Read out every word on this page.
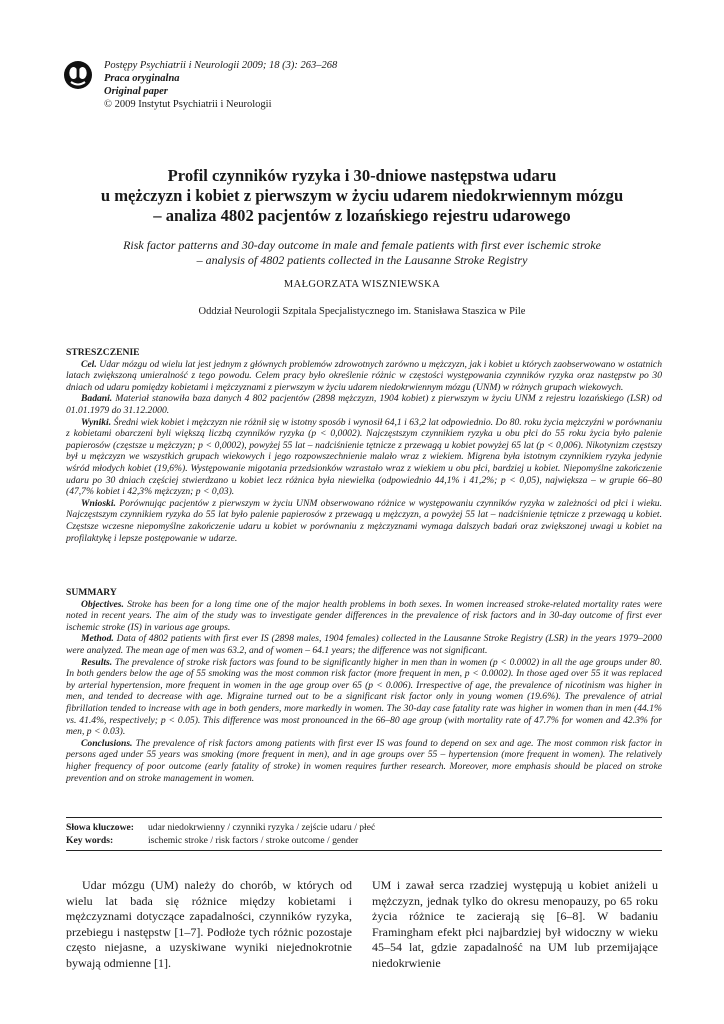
Postępy Psychiatrii i Neurologii 2009; 18 (3): 263–268
Praca oryginalna
Original paper
© 2009 Instytut Psychiatrii i Neurologii
Profil czynników ryzyka i 30-dniowe następstwa udaru
u mężczyzn i kobiet z pierwszym w życiu udarem niedokrwiennym mózgu
– analiza 4802 pacjentów z lozańskiego rejestru udarowego
Risk factor patterns and 30-day outcome in male and female patients with first ever ischemic stroke
– analysis of 4802 patients collected in the Lausanne Stroke Registry
MAŁGORZATA WISZNIEWSKA
Oddział Neurologii Szpitala Specjalistycznego im. Stanisława Staszica w Pile
STRESZCZENIE

Cel. Udar mózgu od wielu lat jest jednym z głównych problemów zdrowotnych zarówno u mężczyzn, jak i kobiet u których zaobserwowano w ostatnich latach zwiększoną umieralność z tego powodu. Celem pracy było określenie różnic w częstości występowania czynników ryzyka oraz następstw po 30 dniach od udaru pomiędzy kobietami i mężczyznami z pierwszym w życiu udarem niedokrwiennym mózgu (UNM) w różnych grupach wiekowych.

Badani. Materiał stanowiła baza danych 4 802 pacjentów (2898 mężczyzn, 1904 kobiet) z pierwszym w życiu UNM z rejestru lozańskiego (LSR) od 01.01.1979 do 31.12.2000.

Wyniki. Średni wiek kobiet i mężczyzn nie różnił się w istotny sposób i wynosił 64,1 i 63,2 lat odpowiednio. Do 80. roku życia mężczyźni w porównaniu z kobietami obarczeni byli większą liczbą czynników ryzyka (p < 0,0002). Najczęstszym czynnikiem ryzyka u obu płci do 55 roku życia było palenie papierosów (częstsze u mężczyzn; p < 0,0002), powyżej 55 lat – nadciśnienie tętnicze z przewagą u kobiet powyżej 65 lat (p < 0,006). Nikotynizm częstszy był u mężczyzn we wszystkich grupach wiekowych i jego rozpowszechnienie malało wraz z wiekiem. Migrena była istotnym czynnikiem ryzyka jedynie wśród młodych kobiet (19,6%). Występowanie migotania przedsionków wzrastało wraz z wiekiem u obu płci, bardziej u kobiet. Niepomyślne zakończenie udaru po 30 dniach częściej stwierdzano u kobiet lecz różnica była niewielka (odpowiednio 44,1% i 41,2%; p < 0,05), największa – w grupie 66–80 (47,7% kobiet i 42,3% mężczyzn; p < 0,03).

Wnioski. Porównując pacjentów z pierwszym w życiu UNM obserwowano różnice w występowaniu czynników ryzyka w zależności od płci i wieku. Najczęstszym czynnikiem ryzyka do 55 lat było palenie papierosów z przewagą u mężczyzn, a powyżej 55 lat – nadciśnienie tętnicze z przewagą u kobiet. Częstsze wczesne niepomyślne zakończenie udaru u kobiet w porównaniu z mężczyznami wymaga dalszych badań oraz zwiększonej uwagi u kobiet na profilaktykę i lepsze postępowanie w udarze.

SUMMARY

Objectives. Stroke has been for a long time one of the major health problems in both sexes. In women increased stroke-related mortality rates were noted in recent years. The aim of the study was to investigate gender differences in the prevalence of risk factors and in 30-day outcome of first ever ischemic stroke (IS) in various age groups.

Method. Data of 4802 patients with first ever IS (2898 males, 1904 females) collected in the Lausanne Stroke Registry (LSR) in the years 1979–2000 were analyzed. The mean age of men was 63.2, and of women – 64.1 years; the difference was not significant.

Results. The prevalence of stroke risk factors was found to be significantly higher in men than in women (p < 0.0002) in all the age groups under 80. In both genders below the age of 55 smoking was the most common risk factor (more frequent in men, p < 0.0002). In those aged over 55 it was replaced by arterial hypertension, more frequent in women in the age group over 65 (p < 0.006). Irrespective of age, the prevalence of nicotinism was higher in men, and tended to decrease with age. Migraine turned out to be a significant risk factor only in young women (19.6%). The prevalence of atrial fibrillation tended to increase with age in both genders, more markedly in women. The 30-day case fatality rate was higher in women than in men (44.1% vs. 41.4%, respectively; p < 0.05). This difference was most pronounced in the 66–80 age group (with mortality rate of 47.7% for women and 42.3% for men, p < 0.03).

Conclusions. The prevalence of risk factors among patients with first ever IS was found to depend on sex and age. The most common risk factor in persons aged under 55 years was smoking (more frequent in men), and in age groups over 55 – hypertension (more frequent in women). The relatively higher frequency of poor outcome (early fatality of stroke) in women requires further research. Moreover, more emphasis should be placed on stroke prevention and on stroke management in women.

Słowa kluczowe: udar niedokrwienny / czynniki ryzyka / zejście udaru / płeć
Key words:	ischemic stroke / risk factors / stroke outcome / gender

Udar mózgu (UM) należy do chorób, w których od wielu lat bada się różnice między kobietami i mężczyznami dotyczące zapadalności, czynników ryzyka, przebiegu i następstw [1–7]. Podłoże tych różnic pozostaje często niejasne, a uzyskiwane wyniki niejednokrotnie bywają odmienne [1].

UM i zawał serca rzadziej występują u kobiet aniżeli u mężczyzn, jednak tylko do okresu menopauzy, po 65 roku życia różnice te zacierają się [6–8]. W badaniu Framingham efekt płci najbardziej był widoczny w wieku 45–54 lat, gdzie zapadalność na UM lub przemijające niedokrwienie
